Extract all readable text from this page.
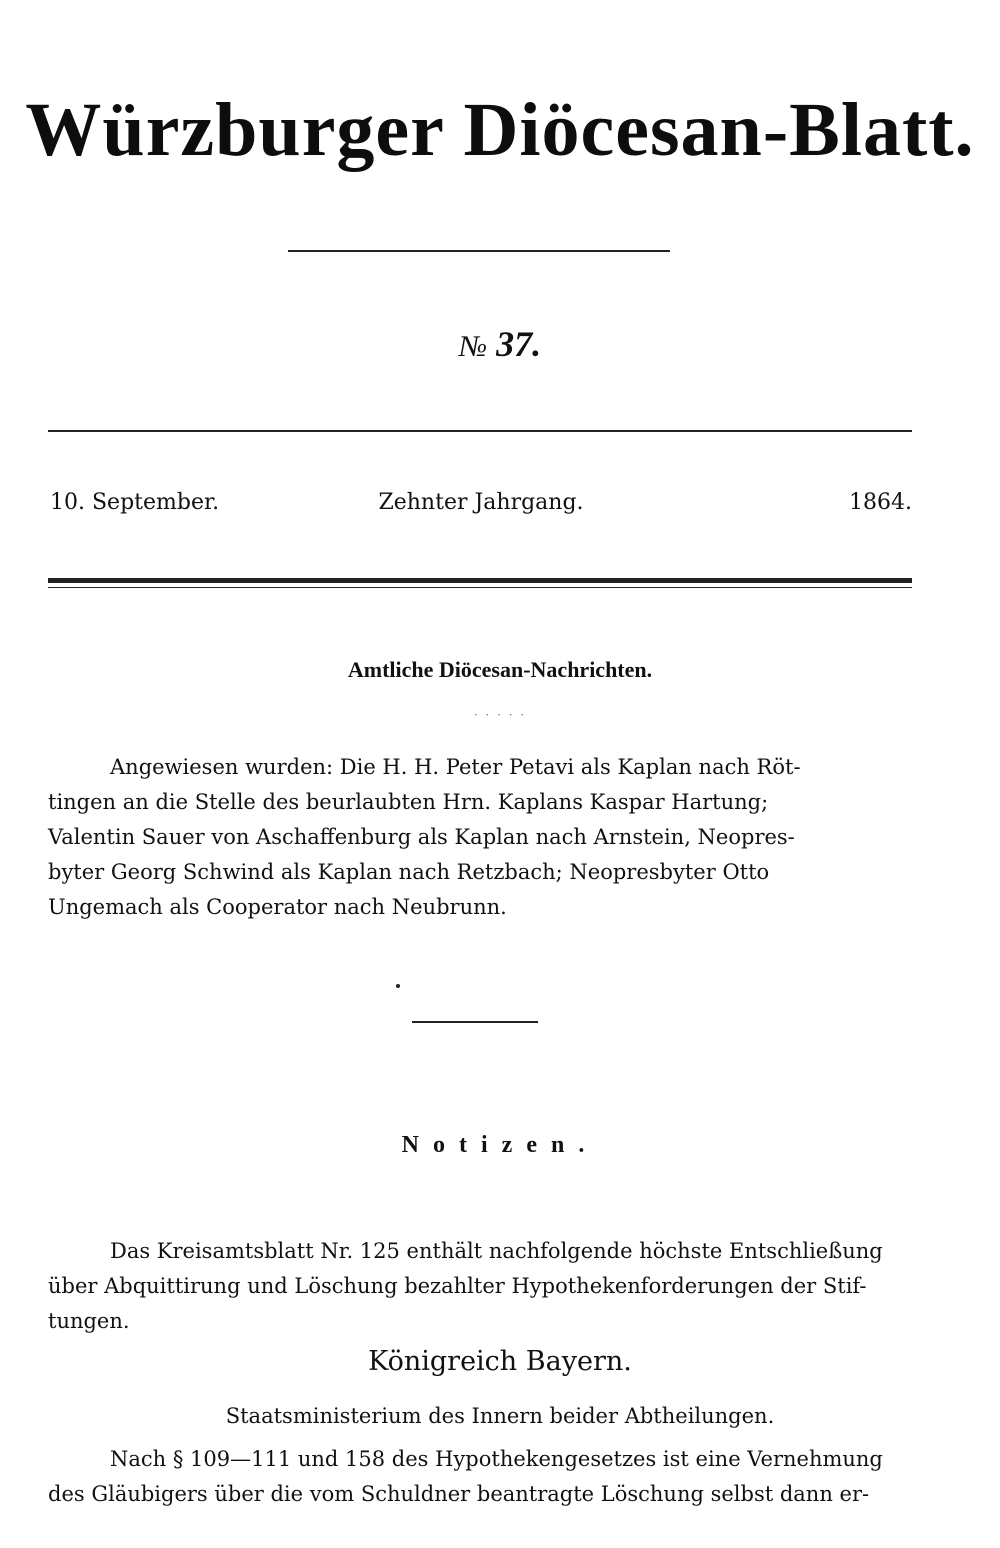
Würzburger Diöcesan-Blatt.
№ 37.
10. September.	Zehnter Jahrgang.	1864.
Amtliche Diöcesan-Nachrichten.
· · · · ·
Angewiesen wurden: Die H. H. Peter Petavi als Kaplan nach Röt-
tingen an die Stelle des beurlaubten Hrn. Kaplans Kaspar Hartung;
Valentin Sauer von Aschaffenburg als Kaplan nach Arnstein, Neopres-
byter Georg Schwind als Kaplan nach Retzbach; Neopresbyter Otto
Ungemach als Cooperator nach Neubrunn.
Notizen.
Das Kreisamtsblatt Nr. 125 enthält nachfolgende höchste Entschließung
über Abquittirung und Löschung bezahlter Hypothekenforderungen der Stif-
tungen.
Königreich Bayern.
Staatsministerium des Innern beider Abtheilungen.
Nach § 109—111 und 158 des Hypothekengesetzes ist eine Vernehmung
des Gläubigers über die vom Schuldner beantragte Löschung selbst dann er-
